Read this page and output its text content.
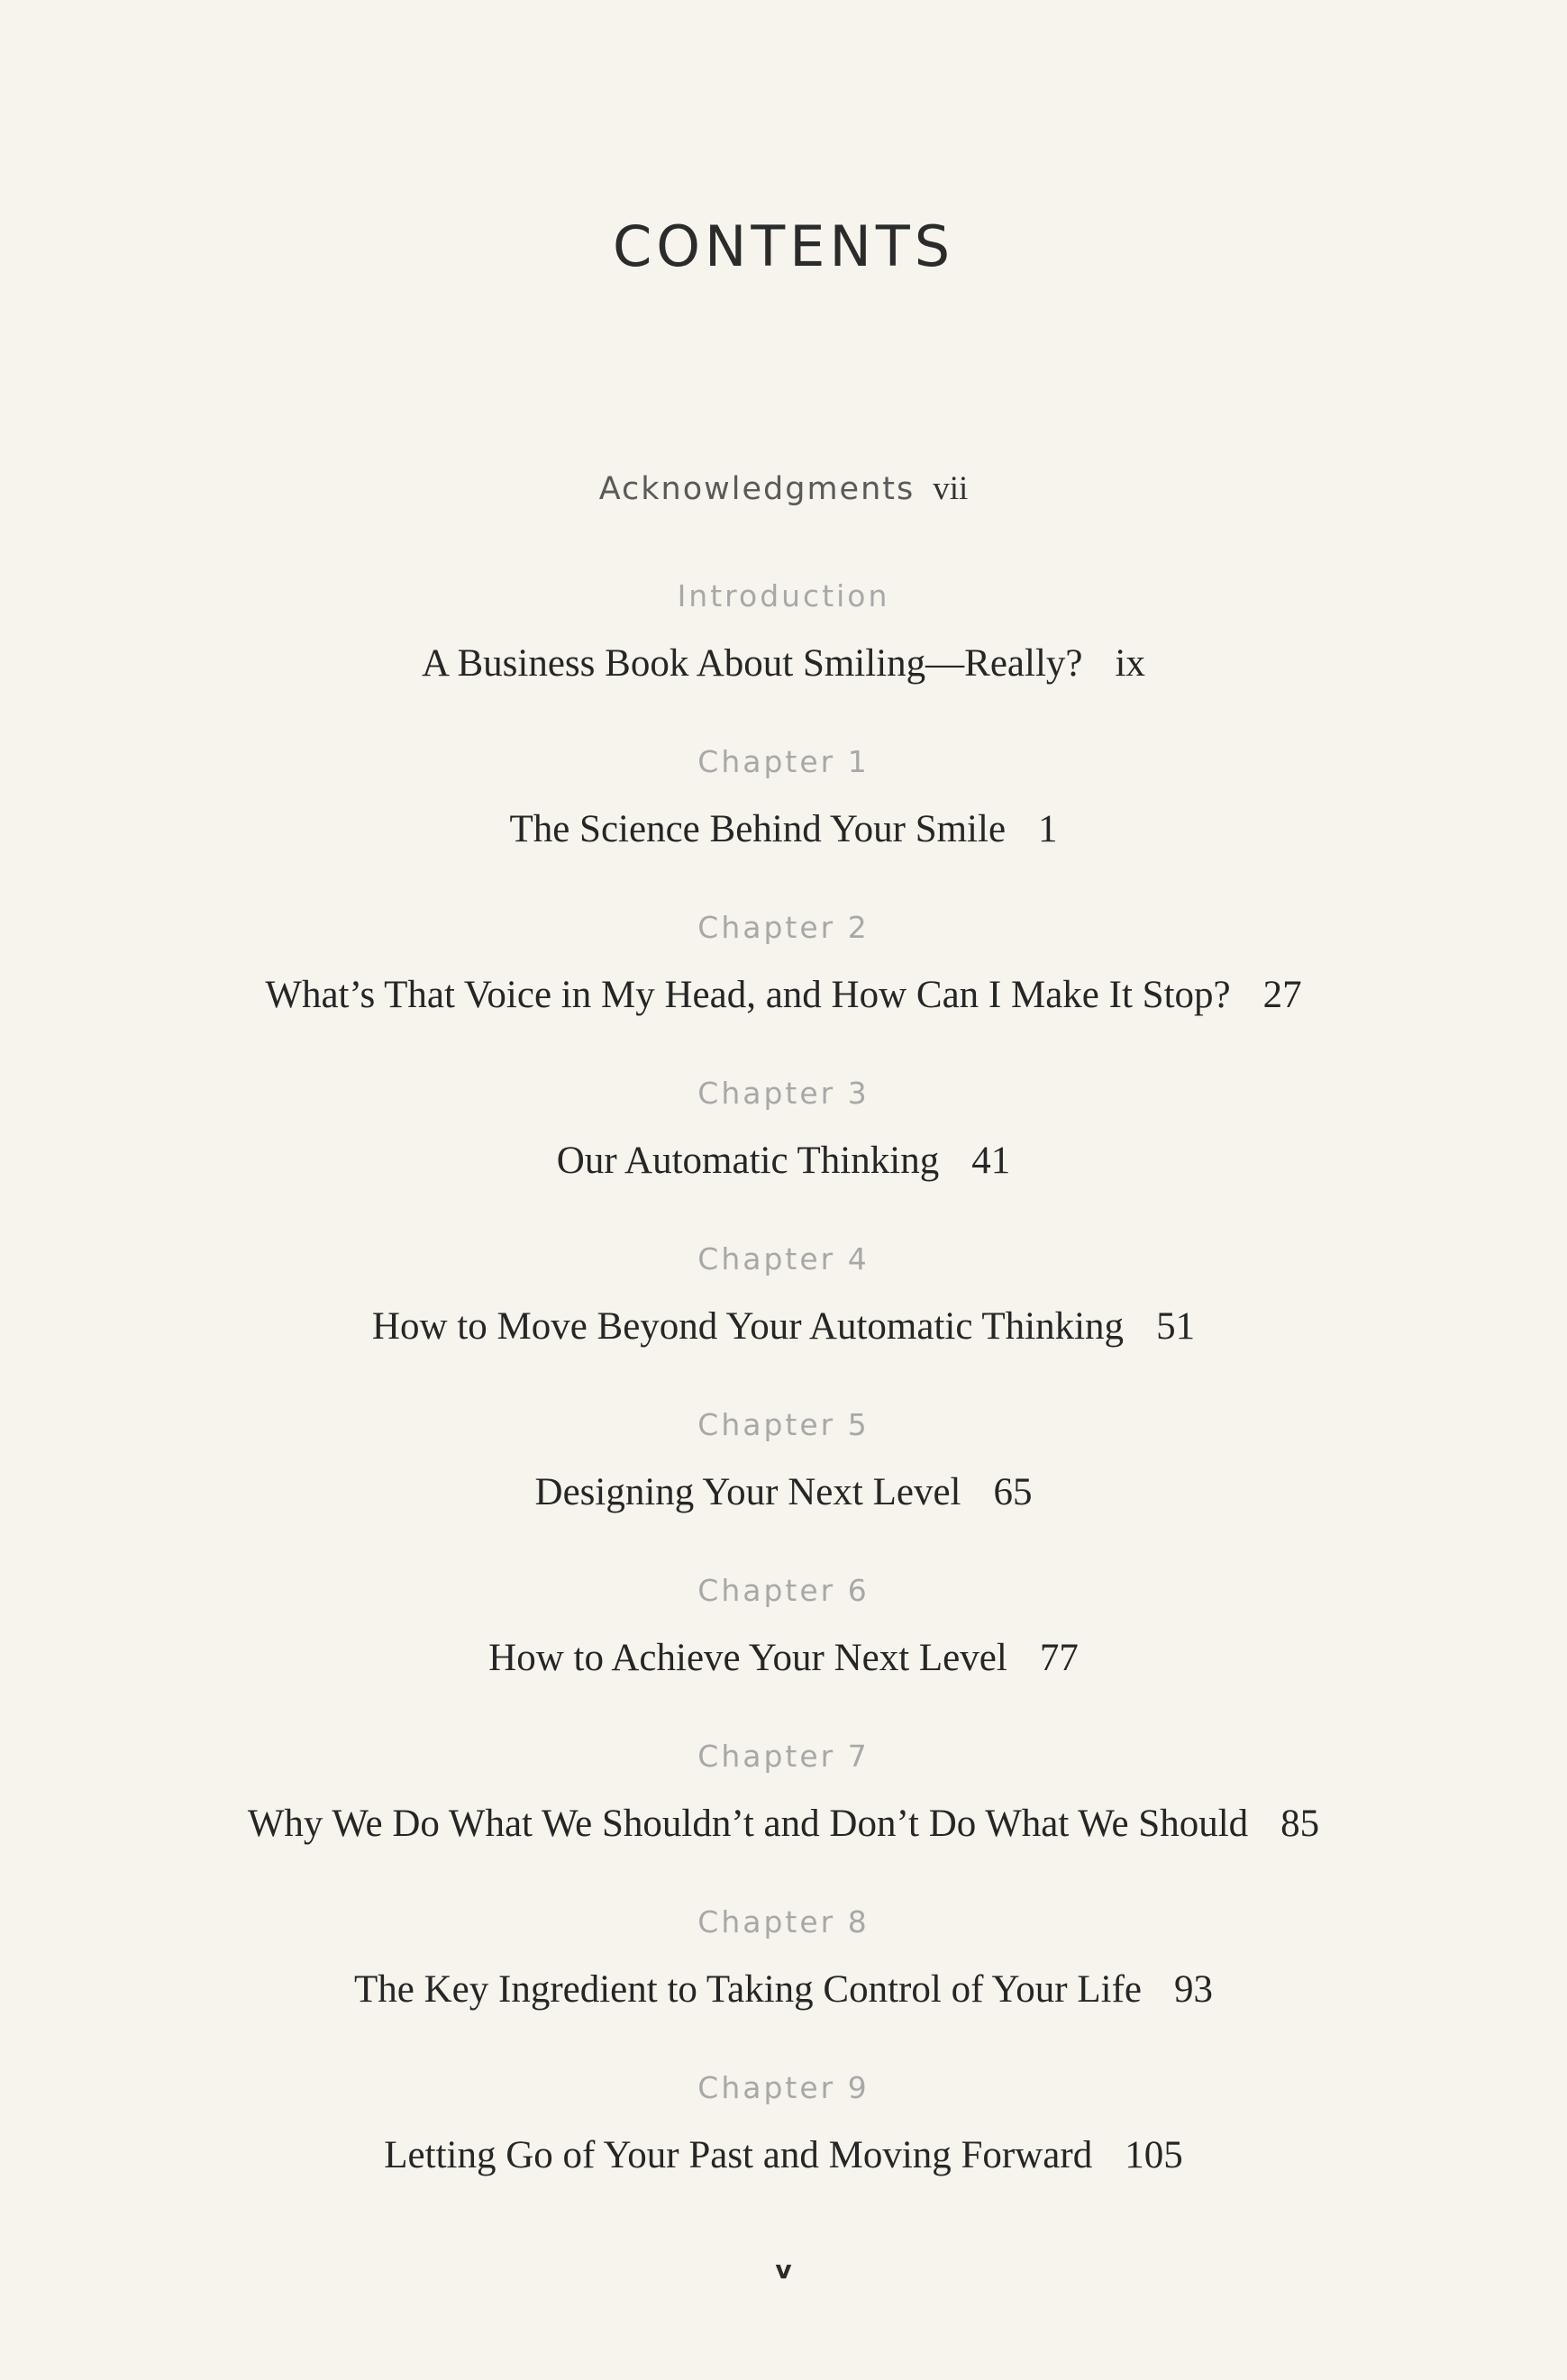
CONTENTS
Acknowledgments vii
Introduction
A Business Book About Smiling—Really? ix
Chapter 1
The Science Behind Your Smile 1
Chapter 2
What’s That Voice in My Head, and How Can I Make It Stop? 27
Chapter 3
Our Automatic Thinking 41
Chapter 4
How to Move Beyond Your Automatic Thinking 51
Chapter 5
Designing Your Next Level 65
Chapter 6
How to Achieve Your Next Level 77
Chapter 7
Why We Do What We Shouldn’t and Don’t Do What We Should 85
Chapter 8
The Key Ingredient to Taking Control of Your Life 93
Chapter 9
Letting Go of Your Past and Moving Forward 105
v
